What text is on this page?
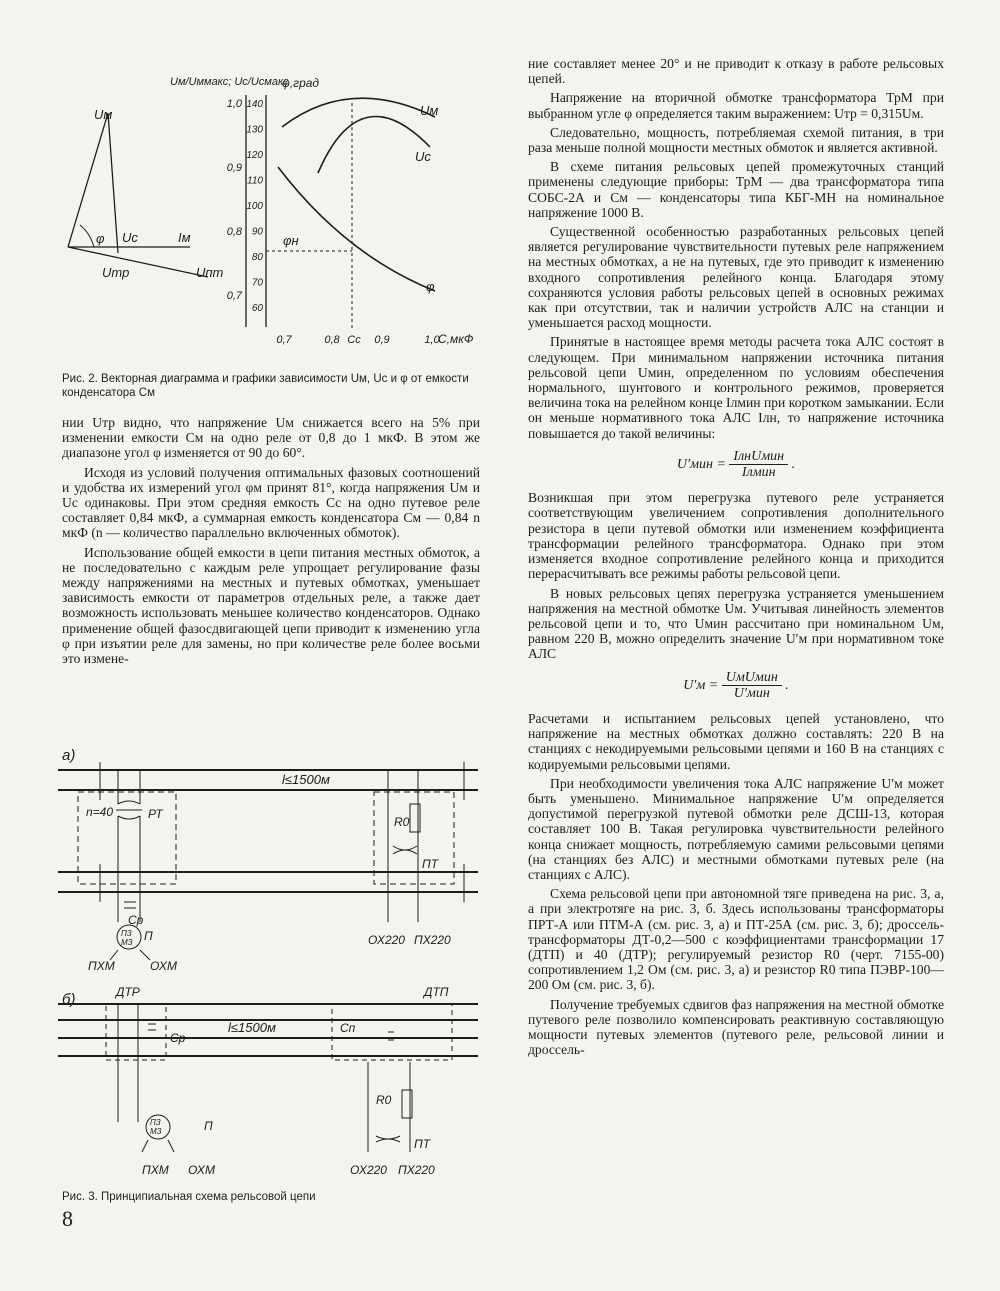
Uм
φ Uс	Iм
Uтр	Uпт
Uм/Uммакс; Uс/Uсмакс
φ,град
1,0
0,9
0,8
0,7
140
130
120
110
100
90
80
70
60
0,7	0,8 Cс 0,9	1,0
C,мкФ
φн
Uм
Uс
φ
Рис. 2. Векторная диаграмма и графики зависимости Uм, Uс и φ от емкости конденсатора Cм

нии Uтр видно, что напряжение Uм снижается всего на 5% при изменении емкости Cм на одно реле от 0,8 до 1 мкФ. В этом же диапазоне угол φ изменяется от 90 до 60°.

Исходя из условий получения оптимальных фазовых соотношений и удобства их измерений угол φм принят 81°, когда напряжения Uм и Uс одинаковы. При этом средняя емкость Cс на одно путевое реле составляет 0,84 мкФ, а суммарная емкость конденсатора Cм — 0,84 n мкФ (n — количество параллельно включенных обмоток).

Использование общей емкости в цепи питания местных обмоток, а не последовательно с каждым реле упрощает регулирование фазы между напряжениями на местных и путевых обмотках, уменьшает зависимость емкости от параметров отдельных реле, а также дает возможность использовать меньшее количество конденсаторов. Однако применение общей фазосдвигающей цепи приводит к изменению угла φ при изъятии реле для замены, но при количестве реле более восьми это измене-

а)
l≤1500м
n=40	РТ
Ср
ПЗ
МЗ П
ПХМ	ОХМ
R0
ПТ
ОХ220 ПХ220
б)	ДТР	ДТП
Ср
l≤1500м	Сп
ПЗ
МЗ	П
ПХМ ОХМ
R0
ПТ
ОХ220 ПХ220
Рис. 3. Принципиальная схема рельсовой цепи
8

ние составляет менее 20° и не приводит к отказу в работе рельсовых цепей.

Напряжение на вторичной обмотке трансформатора ТрМ при выбранном угле φ определяется таким выражением: Uтр = 0,315Uм.

Следовательно, мощность, потребляемая схемой питания, в три раза меньше полной мощности местных обмоток и является активной.

В схеме питания рельсовых цепей промежуточных станций применены следующие приборы: ТрМ — два трансформатора типа СОБС-2А и Cм — конденсаторы типа КБГ-МН на номинальное напряжение 1000 В.

Существенной особенностью разработанных рельсовых цепей является регулирование чувствительности путевых реле напряжением на местных обмотках, а не на путевых, где это приводит к изменению входного сопротивления релейного конца. Благодаря этому сохраняются условия работы рельсовых цепей в основных режимах как при отсутствии, так и наличии устройств АЛС на станции и уменьшается расход мощности.

Принятые в настоящее время методы расчета тока АЛС состоят в следующем. При минимальном напряжении источника питания рельсовой цепи Uмин, определенном по условиям обеспечения нормального, шунтового и контрольного режимов, проверяется величина тока на релейном конце Iлмин при коротком замыкании. Если он меньше нормативного тока АЛС Iлн, то напряжение источника повышается до такой величины:

U′мин =
IлнUмин
Iлмин
.

Возникшая при этом перегрузка путевого реле устраняется соответствующим увеличением сопротивления дополнительного резистора в цепи путевой обмотки или изменением коэффициента трансформации релейного трансформатора. Однако при этом изменяется входное сопротивление релейного конца и приходится перерасчитывать все режимы работы рельсовой цепи.

В новых рельсовых цепях перегрузка устраняется уменьшением напряжения на местной обмотке Uм. Учитывая линейность элементов рельсовой цепи и то, что Uмин рассчитано при номинальном Uм, равном 220 В, можно определить значение U′м при нормативном токе АЛС

U′м =
UмUмин
U′мин
.

Расчетами и испытанием рельсовых цепей установлено, что напряжение на местных обмотках должно составлять: 220 В на станциях с некодируемыми рельсовыми цепями и 160 В на станциях с кодируемыми рельсовыми цепями.

При необходимости увеличения тока АЛС напряжение U′м может быть уменьшено. Минимальное напряжение U′м определяется допустимой перегрузкой путевой обмотки реле ДСШ-13, которая составляет 100 В. Такая регулировка чувствительности релейного конца снижает мощность, потребляемую самими рельсовыми цепями (на станциях без АЛС) и местными обмотками путевых реле (на станциях с АЛС).

Схема рельсовой цепи при автономной тяге приведена на рис. 3, а, а при электротяге на рис. 3, б. Здесь использованы трансформаторы ПРТ-А или ПТМ-А (см. рис. 3, а) и ПТ-25А (см. рис. 3, б); дроссель-трансформаторы ДТ-0,2—500 с коэффициентами трансформации 17 (ДТП) и 40 (ДТР); регулируемый резистор R0 (черт. 7155-00) сопротивлением 1,2 Ом (см. рис. 3, а) и резистор R0 типа ПЭВР-100—200 Ом (см. рис. 3, б).

Получение требуемых сдвигов фаз напряжения на местной обмотке путевого реле позволило компенсировать реактивную составляющую мощности путевых элементов (путевого реле, рельсовой линии и дроссель-
